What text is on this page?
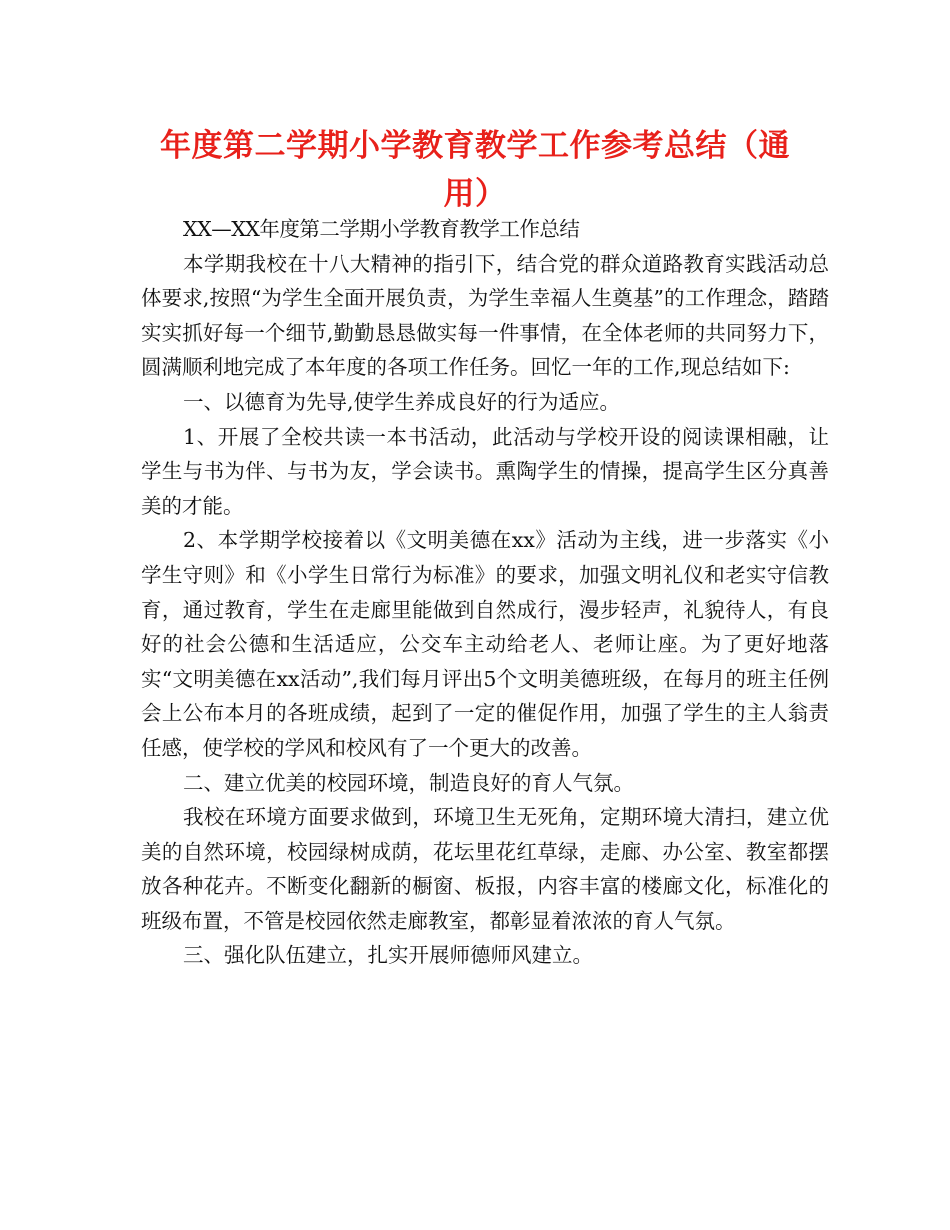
年度第二学期小学教育教学工作参考总结（通用）

XX—XX年度第二学期小学教育教学工作总结

本学期我校在十八大精神的指引下，结合党的群众道路教育实践活动总体要求,按照“为学生全面开展负责，为学生幸福人生奠基”的工作理念，踏踏实实抓好每一个细节,勤勤恳恳做实每一件事情，在全体老师的共同努力下，圆满顺利地完成了本年度的各项工作任务。回忆一年的工作,现总结如下:

一、以德育为先导,使学生养成良好的行为适应。

1、开展了全校共读一本书活动，此活动与学校开设的阅读课相融，让学生与书为伴、与书为友，学会读书。熏陶学生的情操，提高学生区分真善美的才能。

2、本学期学校接着以《文明美德在xx》活动为主线，进一步落实《小学生守则》和《小学生日常行为标准》的要求，加强文明礼仪和老实守信教育，通过教育，学生在走廊里能做到自然成行，漫步轻声，礼貌待人，有良好的社会公德和生活适应，公交车主动给老人、老师让座。为了更好地落实“文明美德在xx活动”,我们每月评出5个文明美德班级，在每月的班主任例会上公布本月的各班成绩，起到了一定的催促作用，加强了学生的主人翁责任感，使学校的学风和校风有了一个更大的改善。

二、建立优美的校园环境，制造良好的育人气氛。

我校在环境方面要求做到，环境卫生无死角，定期环境大清扫，建立优美的自然环境，校园绿树成荫，花坛里花红草绿，走廊、办公室、教室都摆放各种花卉。不断变化翻新的橱窗、板报，内容丰富的楼廊文化，标准化的班级布置，不管是校园依然走廊教室，都彰显着浓浓的育人气氛。

三、强化队伍建立，扎实开展师德师风建立。
